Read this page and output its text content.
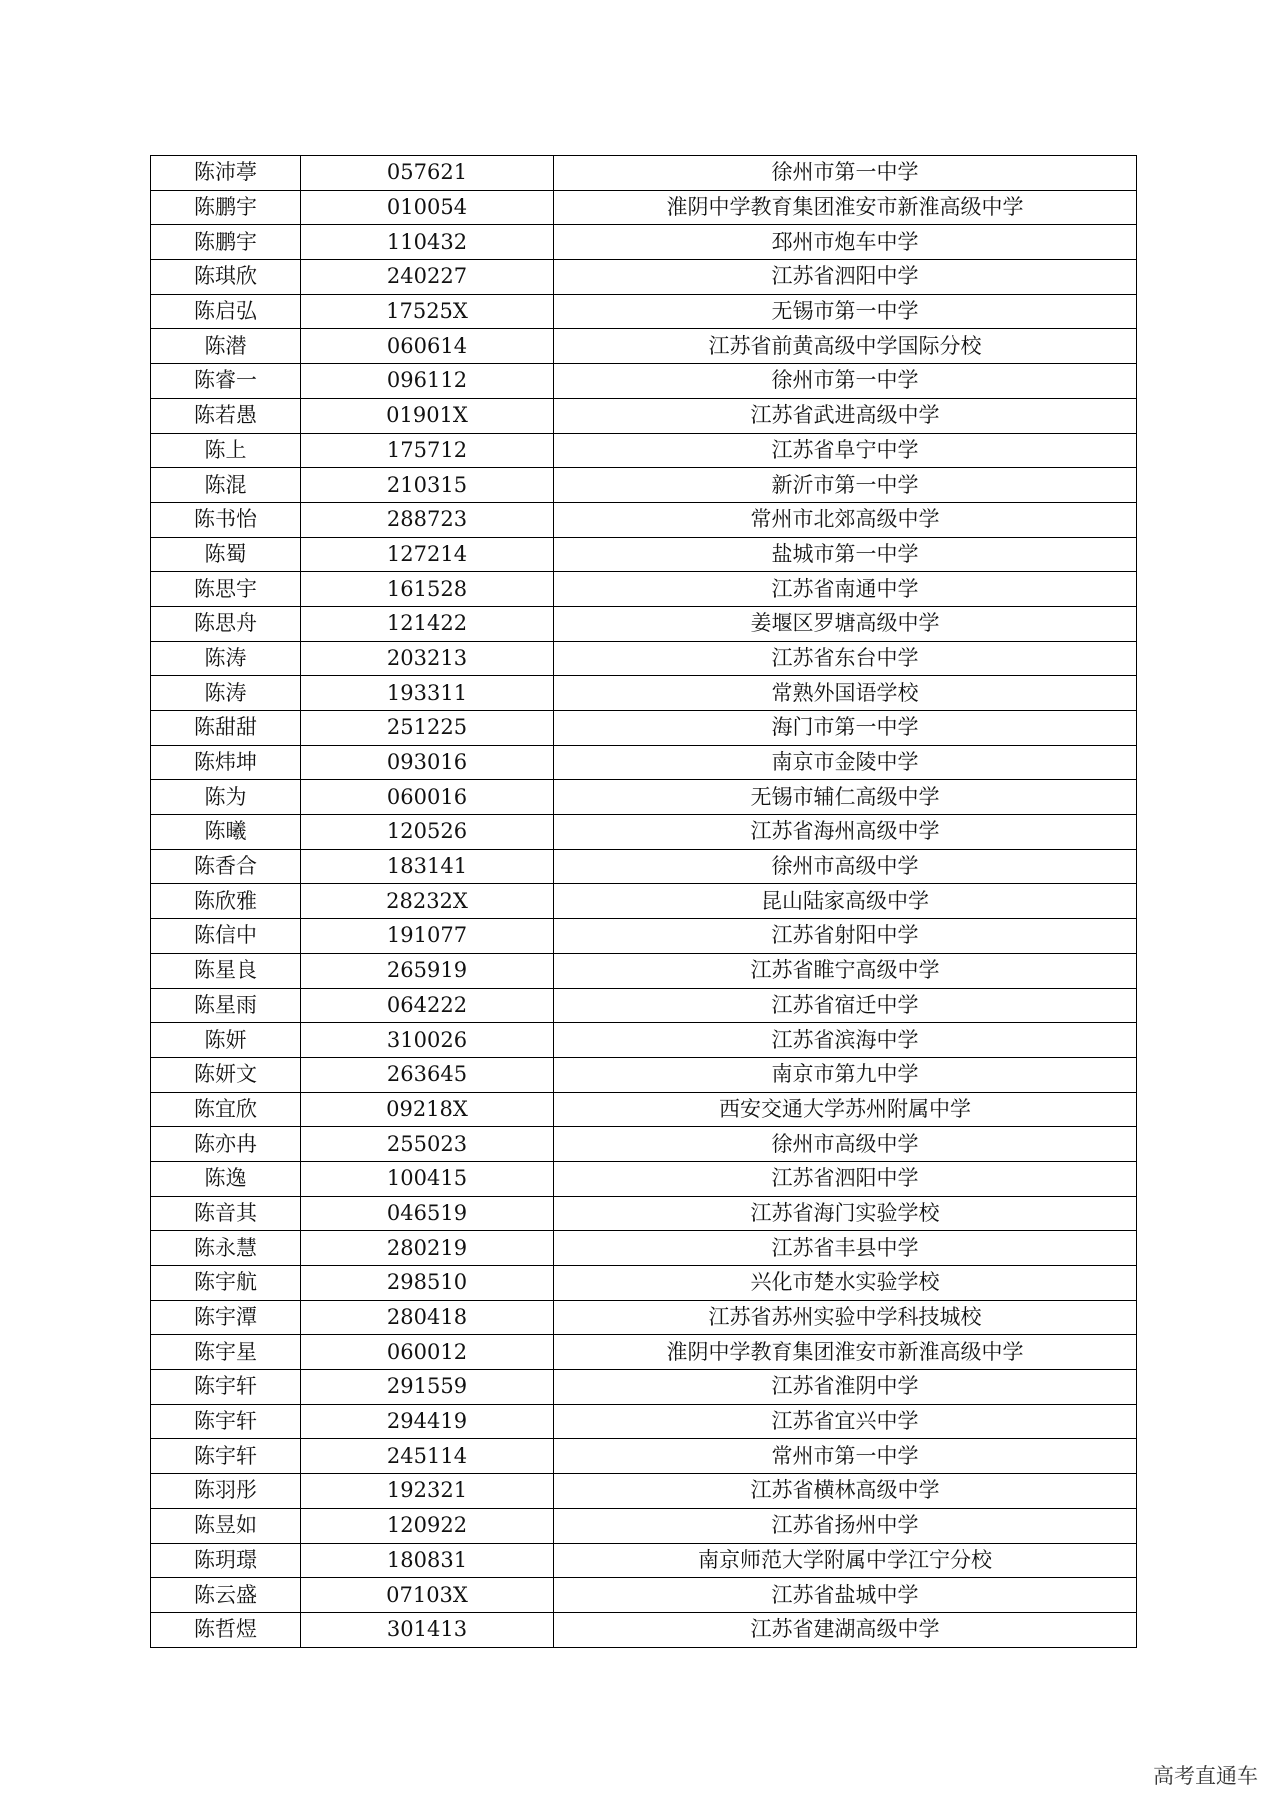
陈沛葶	057621	徐州市第一中学
陈鹏宇	010054	淮阴中学教育集团淮安市新淮高级中学
陈鹏宇	110432	邳州市炮车中学
陈琪欣	240227	江苏省泗阳中学
陈启弘	17525X	无锡市第一中学
陈潜	060614	江苏省前黄高级中学国际分校
陈睿一	096112	徐州市第一中学
陈若愚	01901X	江苏省武进高级中学
陈上	175712	江苏省阜宁中学
陈混	210315	新沂市第一中学
陈书怡	288723	常州市北郊高级中学
陈蜀	127214	盐城市第一中学
陈思宇	161528	江苏省南通中学
陈思舟	121422	姜堰区罗塘高级中学
陈涛	203213	江苏省东台中学
陈涛	193311	常熟外国语学校
陈甜甜	251225	海门市第一中学
陈炜坤	093016	南京市金陵中学
陈为	060016	无锡市辅仁高级中学
陈曦	120526	江苏省海州高级中学
陈香合	183141	徐州市高级中学
陈欣雅	28232X	昆山陆家高级中学
陈信中	191077	江苏省射阳中学
陈星良	265919	江苏省睢宁高级中学
陈星雨	064222	江苏省宿迁中学
陈妍	310026	江苏省滨海中学
陈妍文	263645	南京市第九中学
陈宜欣	09218X	西安交通大学苏州附属中学
陈亦冉	255023	徐州市高级中学
陈逸	100415	江苏省泗阳中学
陈音其	046519	江苏省海门实验学校
陈永慧	280219	江苏省丰县中学
陈宇航	298510	兴化市楚水实验学校
陈宇潭	280418	江苏省苏州实验中学科技城校
陈宇星	060012	淮阴中学教育集团淮安市新淮高级中学
陈宇轩	291559	江苏省淮阴中学
陈宇轩	294419	江苏省宜兴中学
陈宇轩	245114	常州市第一中学
陈羽彤	192321	江苏省横林高级中学
陈昱如	120922	江苏省扬州中学
陈玥璟	180831	南京师范大学附属中学江宁分校
陈云盛	07103X	江苏省盐城中学
陈哲煜	301413	江苏省建湖高级中学
高考直通车
